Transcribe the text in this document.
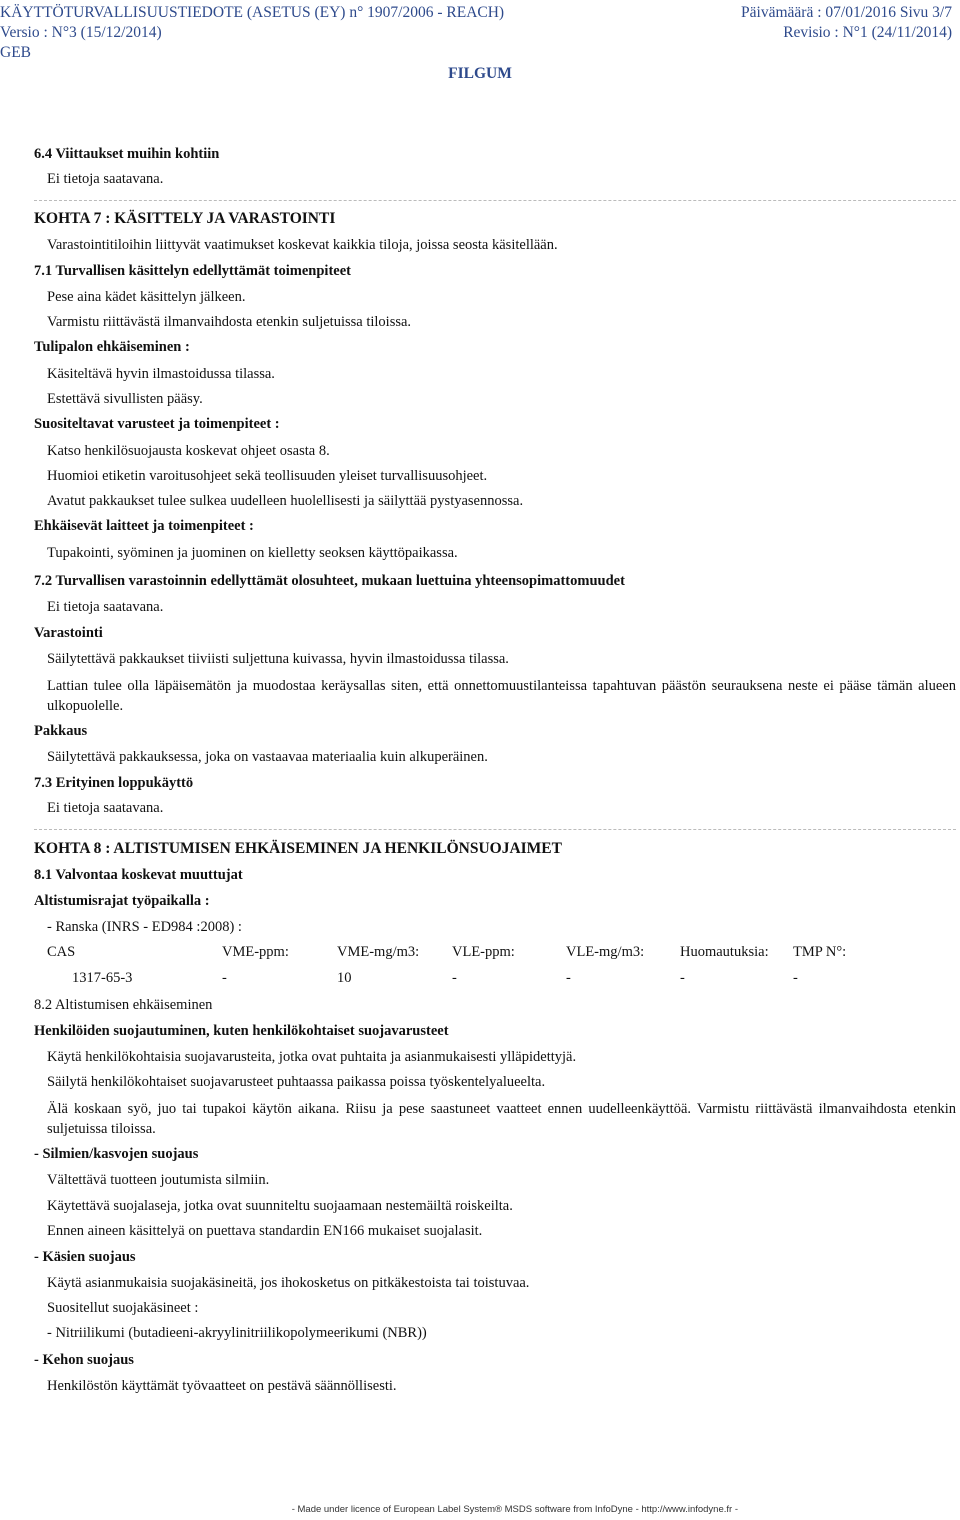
KÄYTTÖTURVALLISUUSTIEDOTE (ASETUS (EY) n° 1907/2006 - REACH)	Päivämäärä : 07/01/2016 Sivu 3/7
Versio : N°3 (15/12/2014)	Revisio : N°1 (24/11/2014)
GEB
FILGUM
6.4 Viittaukset muihin kohtiin
Ei tietoja saatavana.
KOHTA 7 : KÄSITTELY JA VARASTOINTI
Varastointitiloihin liittyvät vaatimukset koskevat kaikkia tiloja, joissa seosta käsitellään.
7.1 Turvallisen käsittelyn edellyttämät toimenpiteet
Pese aina kädet käsittelyn jälkeen.
Varmistu riittävästä ilmanvaihdosta etenkin suljetuissa tiloissa.
Tulipalon ehkäiseminen :
Käsiteltävä hyvin ilmastoidussa tilassa.
Estettävä sivullisten pääsy.
Suositeltavat varusteet ja toimenpiteet :
Katso henkilösuojausta koskevat ohjeet osasta 8.
Huomioi etiketin varoitusohjeet sekä teollisuuden yleiset turvallisuusohjeet.
Avatut pakkaukset tulee sulkea uudelleen huolellisesti ja säilyttää pystyasennossa.
Ehkäisevät laitteet ja toimenpiteet :
Tupakointi, syöminen ja juominen on kielletty seoksen käyttöpaikassa.
7.2 Turvallisen varastoinnin edellyttämät olosuhteet, mukaan luettuina yhteensopimattomuudet
Ei tietoja saatavana.
Varastointi
Säilytettävä pakkaukset tiiviisti suljettuna kuivassa, hyvin ilmastoidussa tilassa.
Lattian tulee olla läpäisemätön ja muodostaa keräysallas siten, että onnettomuustilanteissa tapahtuvan päästön seurauksena neste ei pääse tämän alueen ulkopuolelle.
Pakkaus
Säilytettävä pakkauksessa, joka on vastaavaa materiaalia kuin alkuperäinen.
7.3 Erityinen loppukäyttö
Ei tietoja saatavana.
KOHTA 8 : ALTISTUMISEN EHKÄISEMINEN JA HENKILÖNSUOJAIMET
8.1 Valvontaa koskevat muuttujat
Altistumisrajat työpaikalla :
- Ranska (INRS - ED984 :2008) :
CAS	VME-ppm:	VME-mg/m3: VLE-ppm:	VLE-mg/m3: Huomautuksia: TMP N°:
1317-65-3	-	10	-	-	-	-
8.2 Altistumisen ehkäiseminen
Henkilöiden suojautuminen, kuten henkilökohtaiset suojavarusteet
Käytä henkilökohtaisia suojavarusteita, jotka ovat puhtaita ja asianmukaisesti ylläpidettyjä.
Säilytä henkilökohtaiset suojavarusteet puhtaassa paikassa poissa työskentelyalueelta.
Älä koskaan syö, juo tai tupakoi käytön aikana. Riisu ja pese saastuneet vaatteet ennen uudelleenkäyttöä. Varmistu riittävästä ilmanvaihdosta etenkin suljetuissa tiloissa.
- Silmien/kasvojen suojaus
Vältettävä tuotteen joutumista silmiin.
Käytettävä suojalaseja, jotka ovat suunniteltu suojaamaan nestemäiltä roiskeilta.
Ennen aineen käsittelyä on puettava standardin EN166 mukaiset suojalasit.
- Käsien suojaus
Käytä asianmukaisia suojakäsineitä, jos ihokosketus on pitkäkestoista tai toistuvaa.
Suositellut suojakäsineet :
- Nitriilikumi (butadieeni-akryylinitriilikopolymeerikumi (NBR))
- Kehon suojaus
Henkilöstön käyttämät työvaatteet on pestävä säännöllisesti.
- Made under licence of European Label System® MSDS software from InfoDyne - http://www.infodyne.fr -
